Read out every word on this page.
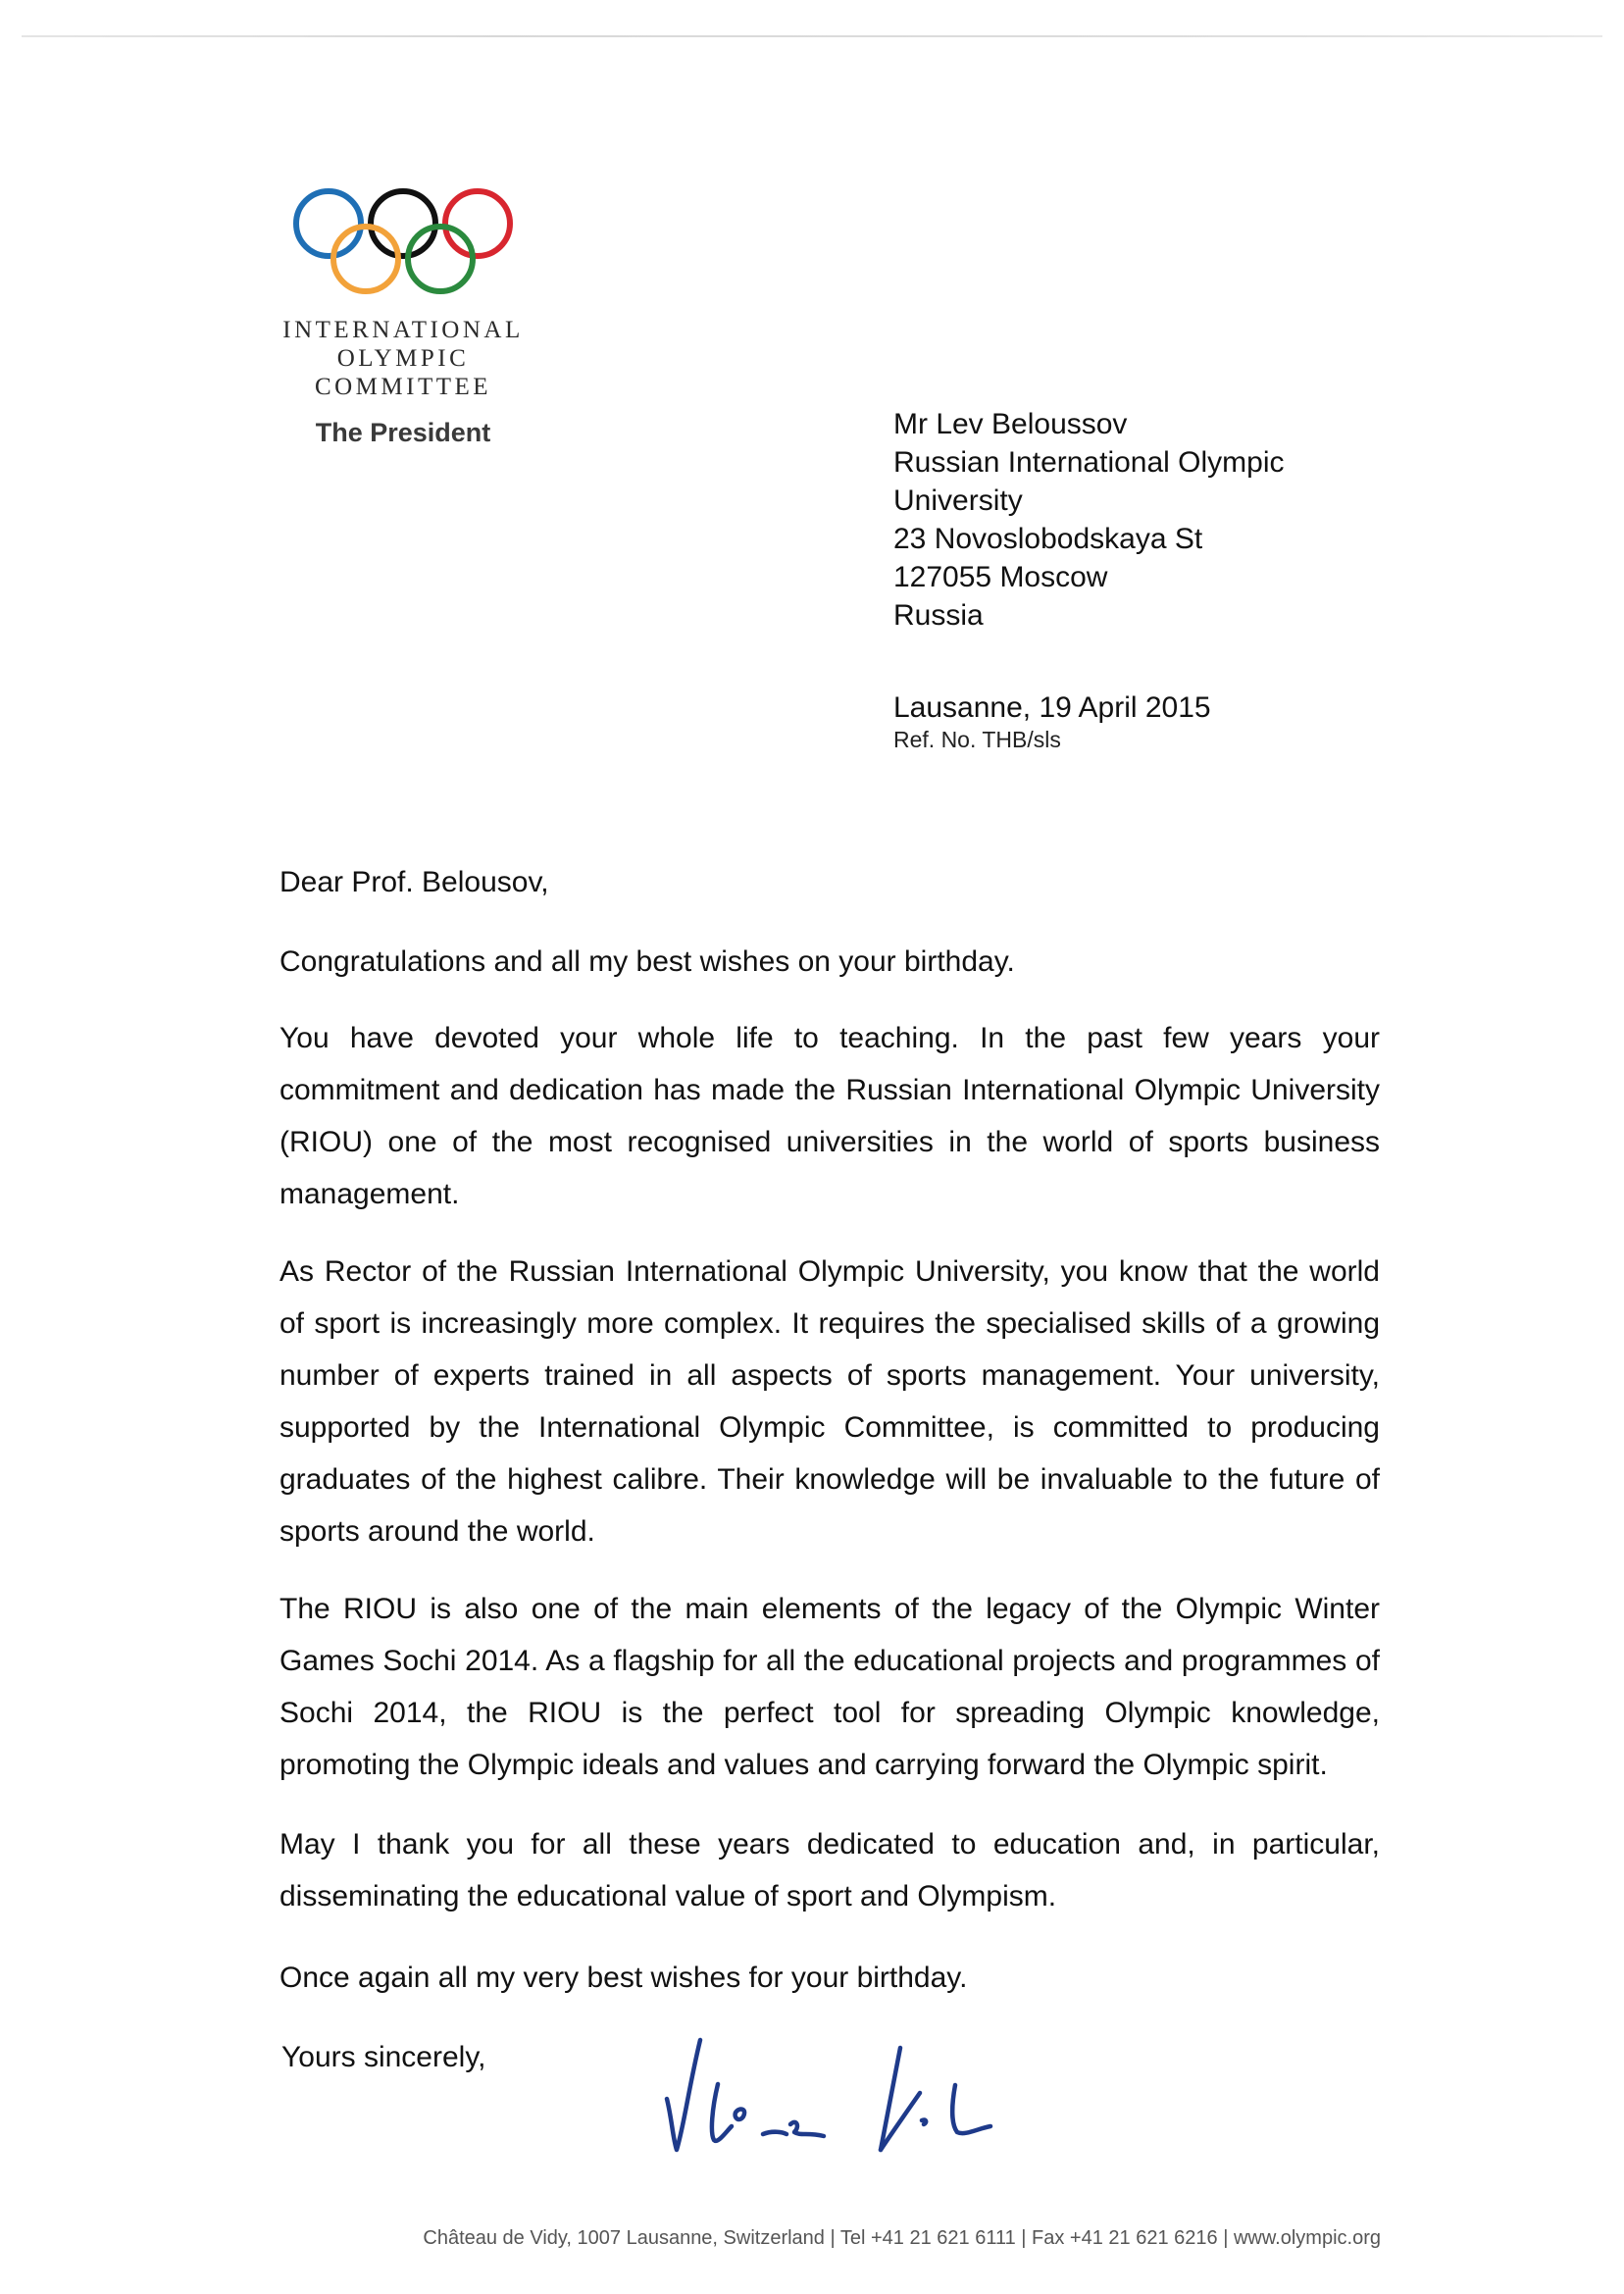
INTERNATIONAL
OLYMPIC
COMMITTEE
The President	Mr Lev Beloussov
Russian International Olympic
University
23 Novoslobodskaya St
127055 Moscow
Russia
Lausanne, 19 April 2015
Ref. No. THB/sls
Dear Prof. Belousov,

Congratulations and all my best wishes on your birthday.

You have devoted your whole life to teaching. In the past few years your commitment and dedication has made the Russian International Olympic University (RIOU) one of the most recognised universities in the world of sports business management.

As Rector of the Russian International Olympic University, you know that the world of sport is increasingly more complex. It requires the specialised skills of a growing number of experts trained in all aspects of sports management. Your university, supported by the International Olympic Committee, is committed to producing graduates of the highest calibre. Their knowledge will be invaluable to the future of sports around the world.

The RIOU is also one of the main elements of the legacy of the Olympic Winter Games Sochi 2014. As a flagship for all the educational projects and programmes of Sochi 2014, the RIOU is the perfect tool for spreading Olympic knowledge, promoting the Olympic ideals and values and carrying forward the Olympic spirit.

May I thank you for all these years dedicated to education and, in particular, disseminating the educational value of sport and Olympism.

Once again all my very best wishes for your birthday.

Yours sincerely,
Château de Vidy, 1007 Lausanne, Switzerland | Tel +41 21 621 6111 | Fax +41 21 621 6216 | www.olympic.org
